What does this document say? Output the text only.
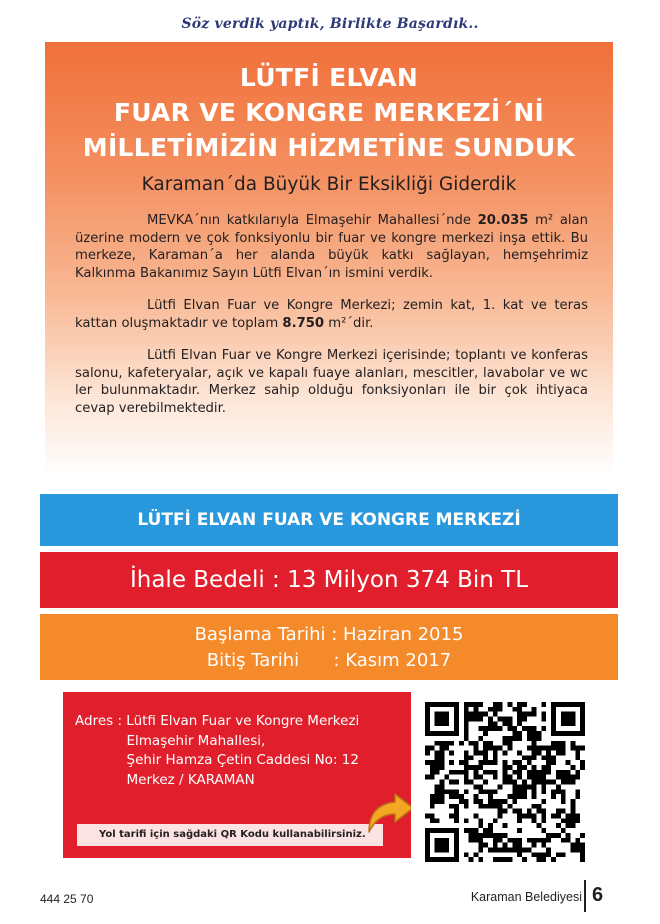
Söz verdik yaptık, Birlikte Başardık..
LÜTFİ ELVAN
FUAR VE KONGRE MERKEZİ´Nİ
MİLLETİMİZİN HİZMETİNE SUNDUK
Karaman´da Büyük Bir Eksikliği Giderdik

MEVKA´nın katkılarıyla Elmaşehir Mahallesi´nde 20.035 m² alan üzerine modern ve çok fonksiyonlu bir fuar ve kongre merkezi inşa ettik. Bu merkeze, Karaman´a her alanda büyük katkı sağlayan, hemşehrimiz Kalkınma Bakanımız Sayın Lütfi Elvan´ın ismini verdik.

Lütfi Elvan Fuar ve Kongre Merkezi; zemin kat, 1. kat ve teras kattan oluşmaktadır ve toplam 8.750 m²´dir.

Lütfi Elvan Fuar ve Kongre Merkezi içerisinde; toplantı ve konferas salonu, kafeteryalar, açık ve kapalı fuaye alanları, mescitler, lavabolar ve wc ler bulunmaktadır. Merkez sahip olduğu fonksiyonları ile bir çok ihtiyaca cevap verebilmektedir.

LÜTFİ ELVAN FUAR VE KONGRE MERKEZİ
İhale Bedeli : 13 Milyon 374 Bin TL
Başlama Tarihi : Haziran 2015
Bitiş Tarihi      : Kasım 2017
Adres : Lütfi Elvan Fuar ve Kongre Merkezi
Elmaşehir Mahallesi,
Şehir Hamza Çetin Caddesi No: 12
Merkez / KARAMAN
Yol tarifi için sağdaki QR Kodu kullanabilirsiniz.
444 25 70	Karaman Belediyesi 6
